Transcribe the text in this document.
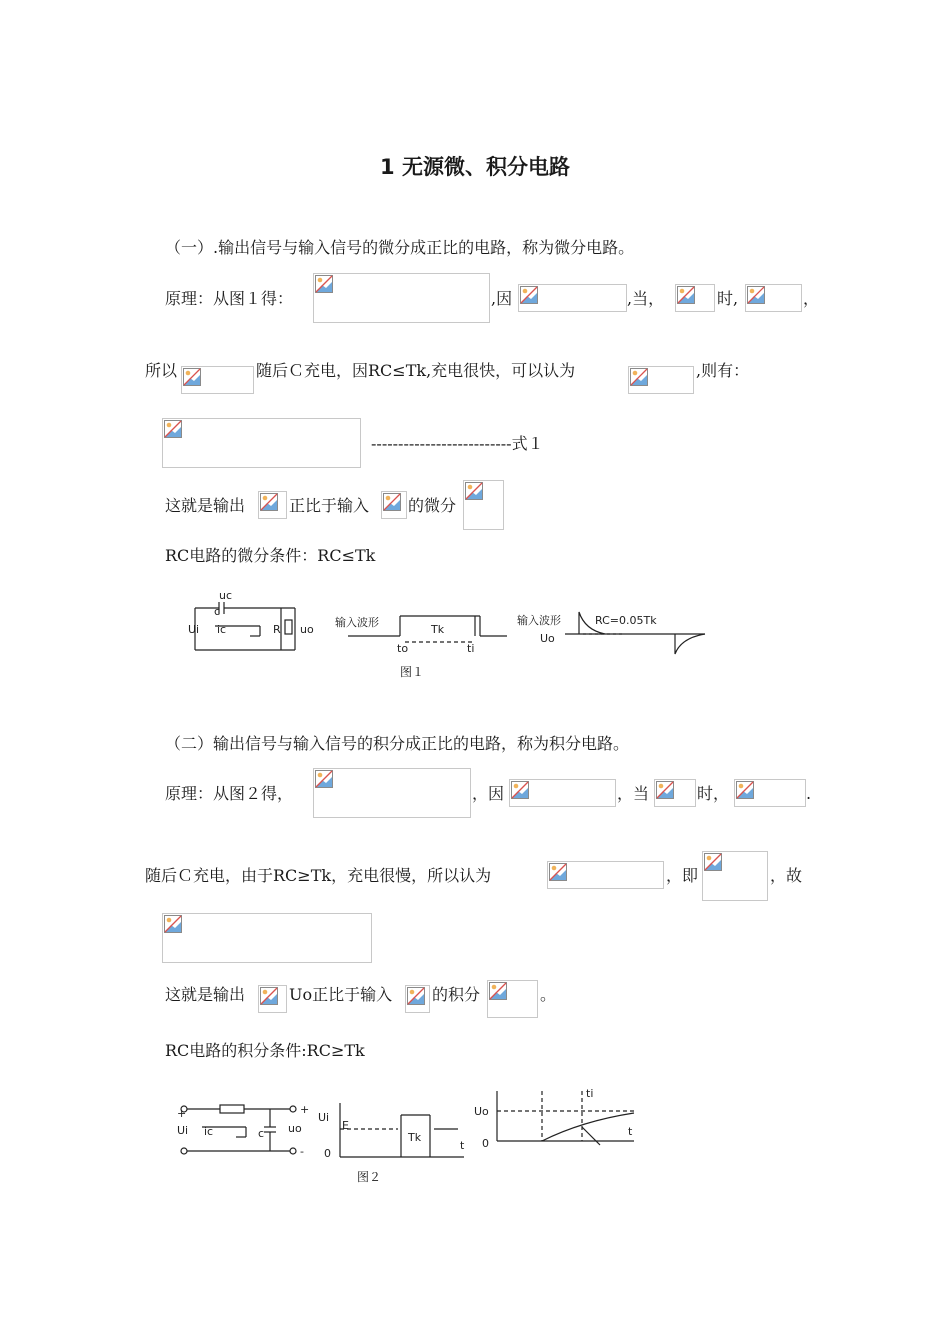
1 无源微、积分电路
（一）.输出信号与输入信号的微分成正比的电路，称为微分电路。
原理：从图１得：	,因	,当，	时,	，
所以	随后Ｃ充电，因RC≤Tk,充电很快，可以认为	,则有：
--------------------------式１
这就是输出	正比于输入 的微分
RC电路的微分条件：RC≤Tk
uc
c
Ui ic	R uo
输入波形
Tk
to	ti
输入波形	RC=0.05Tk
Uo
图１
（二）输出信号与输入信号的积分成正比的电路，称为积分电路。
原理：从图２得，	，因	，当	时，	.
随后Ｃ充电，由于RC≥Tk，充电很慢，所以认为	，即	，故
这就是输出	Uo正比于输入 的积分	。
RC电路的积分条件:RC≥Tk
+
Ui ic	c
+
uo
-
Ui
E
Tk
t
0
ti
Uo
t
0
图２
